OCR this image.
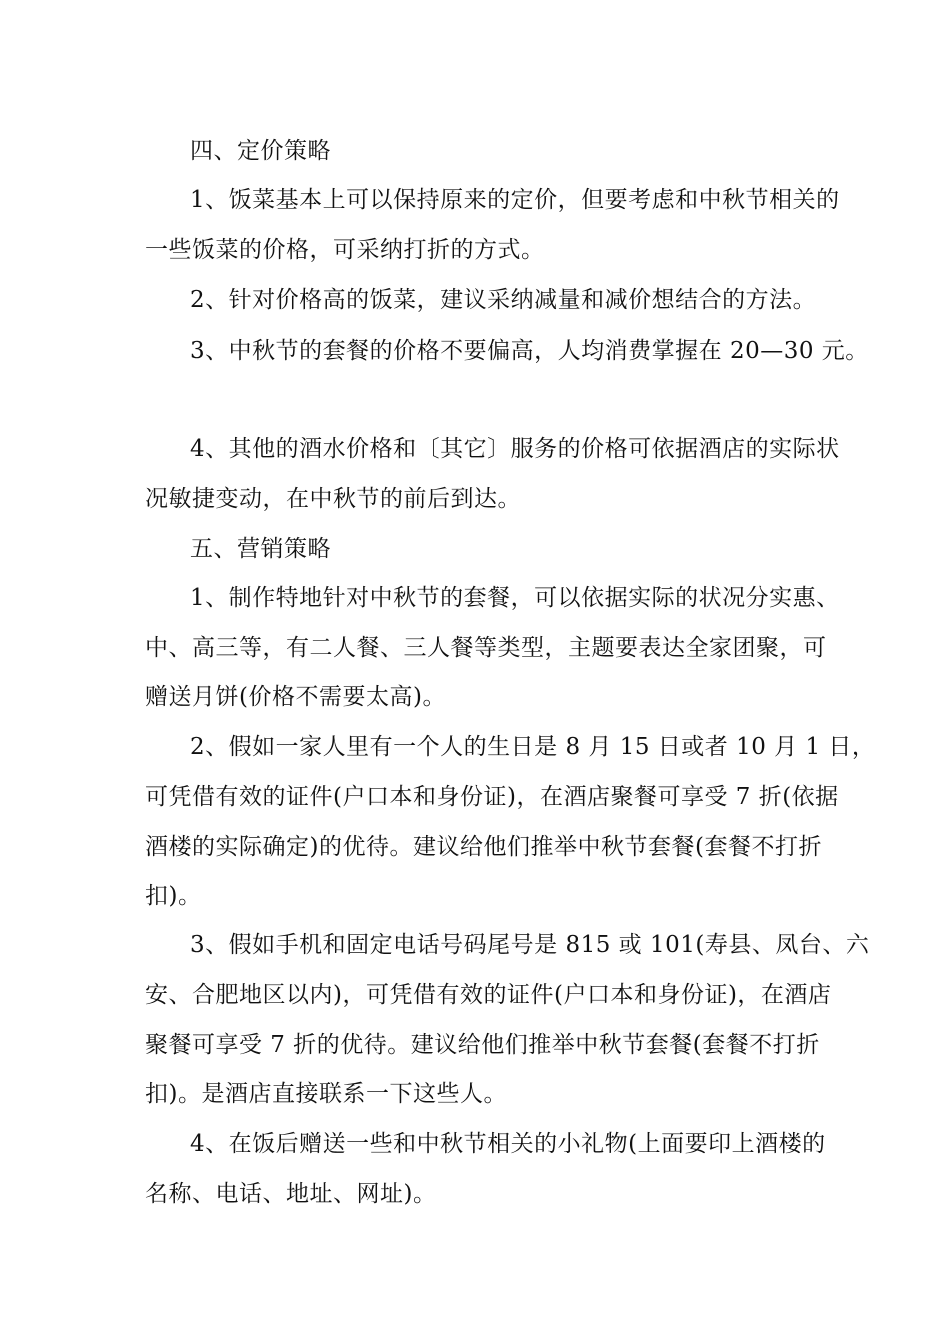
四、定价策略
1、饭菜基本上可以保持原来的定价，但要考虑和中秋节相关的
一些饭菜的价格，可采纳打折的方式。
2、针对价格高的饭菜，建议采纳减量和减价想结合的方法。
3、中秋节的套餐的价格不要偏高，人均消费掌握在 20—30 元。
4、其他的酒水价格和〔其它〕服务的价格可依据酒店的实际状
况敏捷变动，在中秋节的前后到达。
五、营销策略
1、制作特地针对中秋节的套餐，可以依据实际的状况分实惠、
中、高三等，有二人餐、三人餐等类型，主题要表达全家团聚，可
赠送月饼(价格不需要太高)。
2、假如一家人里有一个人的生日是 8 月 15 日或者 10 月 1 日，
可凭借有效的证件(户口本和身份证)，在酒店聚餐可享受 7 折(依据
酒楼的实际确定)的优待。建议给他们推举中秋节套餐(套餐不打折
扣)。
3、假如手机和固定电话号码尾号是 815 或 101(寿县、凤台、六
安、合肥地区以内)，可凭借有效的证件(户口本和身份证)，在酒店
聚餐可享受 7 折的优待。建议给他们推举中秋节套餐(套餐不打折
扣)。是酒店直接联系一下这些人。
4、在饭后赠送一些和中秋节相关的小礼物(上面要印上酒楼的
名称、电话、地址、网址)。
